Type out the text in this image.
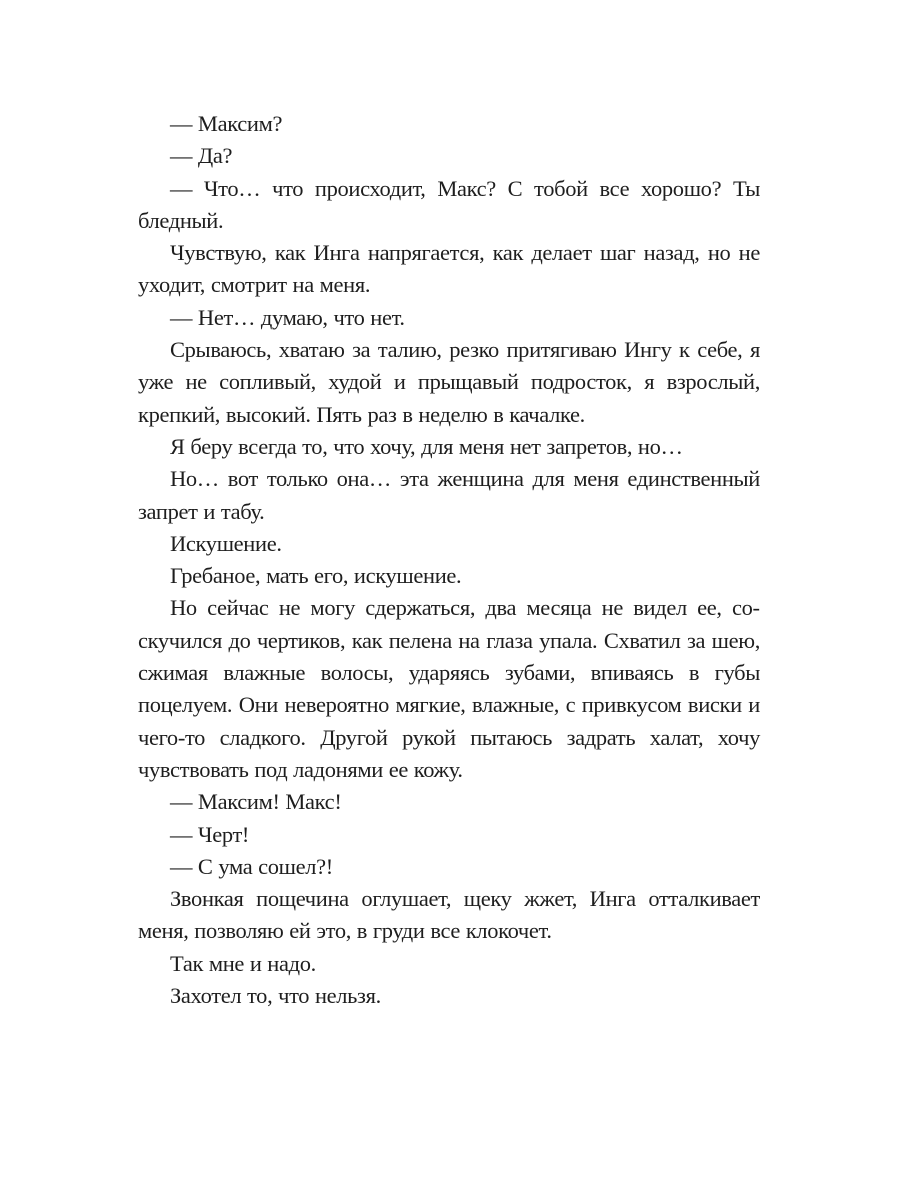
— Максим?

— Да?

— Что… что происходит, Макс? С тобой все хорошо? Ты бледный.

Чувствую, как Инга напрягается, как делает шаг назад, но не уходит, смотрит на меня.

— Нет… думаю, что нет.

Срываюсь, хватаю за талию, резко притягиваю Ингу к себе, я уже не сопливый, худой и прыщавый подросток, я взрослый, крепкий, высокий. Пять раз в неделю в качалке.

Я беру всегда то, что хочу, для меня нет запретов, но…

Но… вот только она… эта женщина для меня единственный запрет и табу.

Искушение.

Гребаное, мать его, искушение.

Но сейчас не могу сдержаться, два месяца не видел ее, соскучился до чертиков, как пелена на глаза упала. Схватил за шею, сжимая влажные волосы, ударяясь зубами, впиваясь в губы поцелуем. Они невероятно мягкие, влажные, с привкусом виски и чего-то сладкого. Другой рукой пытаюсь задрать халат, хочу чувствовать под ладонями ее кожу.

— Максим! Макс!

— Черт!

— С ума сошел?!

Звонкая пощечина оглушает, щеку жжет, Инга отталкивает меня, позволяю ей это, в груди все клокочет.

Так мне и надо.

Захотел то, что нельзя.
